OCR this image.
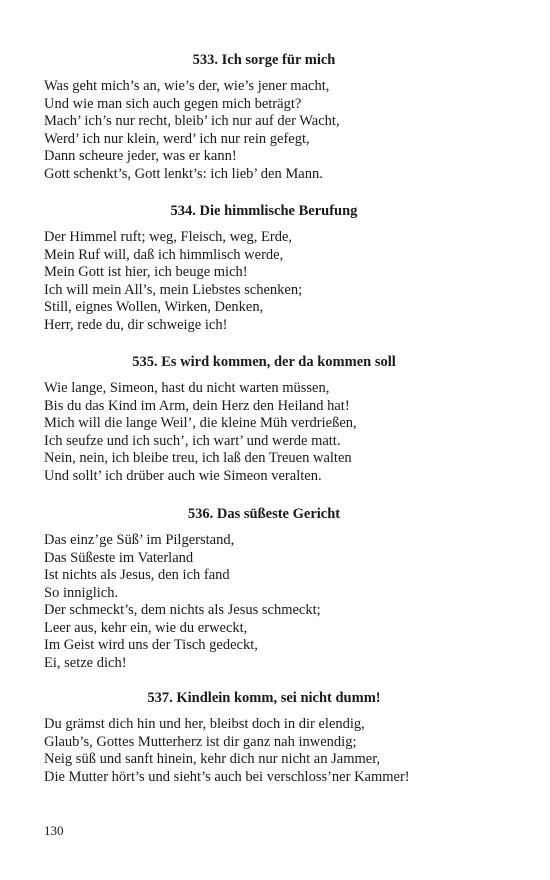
533. Ich sorge für mich
Was geht mich’s an, wie’s der, wie’s jener macht,
Und wie man sich auch gegen mich beträgt?
Mach’ ich’s nur recht, bleib’ ich nur auf der Wacht,
Werd’ ich nur klein, werd’ ich nur rein gefegt,
Dann scheure jeder, was er kann!
Gott schenkt’s, Gott lenkt’s: ich lieb’ den Mann.
534. Die himmlische Berufung
Der Himmel ruft; weg, Fleisch, weg, Erde,
Mein Ruf will, daß ich himmlisch werde,
Mein Gott ist hier, ich beuge mich!
Ich will mein All’s, mein Liebstes schenken;
Still, eignes Wollen, Wirken, Denken,
Herr, rede du, dir schweige ich!
535. Es wird kommen, der da kommen soll
Wie lange, Simeon, hast du nicht warten müssen,
Bis du das Kind im Arm, dein Herz den Heiland hat!
Mich will die lange Weil’, die kleine Müh verdrießen,
Ich seufze und ich such’, ich wart’ und werde matt.
Nein, nein, ich bleibe treu, ich laß den Treuen walten
Und sollt’ ich drüber auch wie Simeon veralten.
536. Das süßeste Gericht
Das einz’ge Süß’ im Pilgerstand,
Das Süßeste im Vaterland
Ist nichts als Jesus, den ich fand
So inniglich.
Der schmeckt’s, dem nichts als Jesus schmeckt;
Leer aus, kehr ein, wie du erweckt,
Im Geist wird uns der Tisch gedeckt,
Ei, setze dich!
537. Kindlein komm, sei nicht dumm!
Du grämst dich hin und her, bleibst doch in dir elendig,
Glaub’s, Gottes Mutterherz ist dir ganz nah inwendig;
Neig süß und sanft hinein, kehr dich nur nicht an Jammer,
Die Mutter hört’s und sieht’s auch bei verschloss’ner Kammer!
130
